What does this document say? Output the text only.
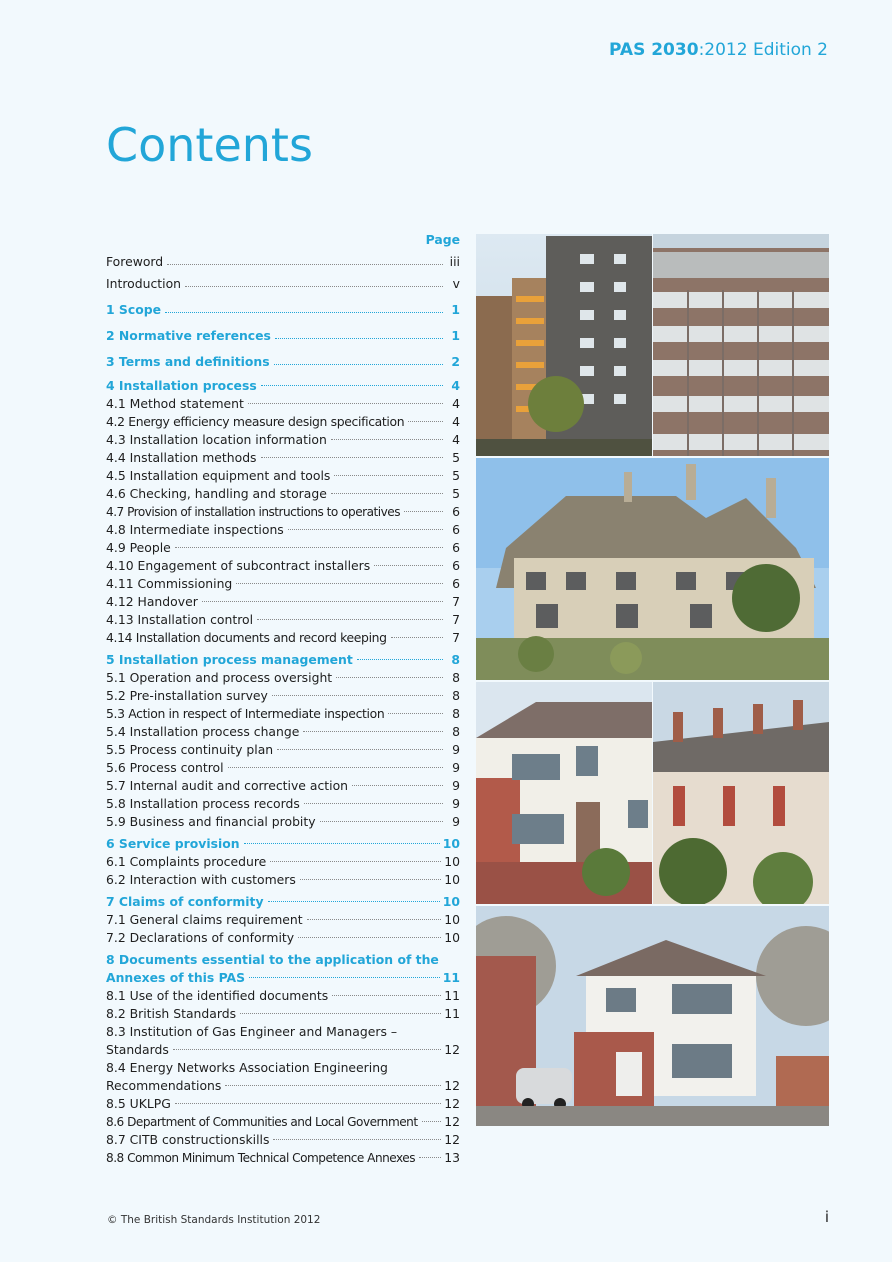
PAS 2030:2012 Edition 2
Contents
Page
Foreword	iii
Introduction	v
1 Scope	1
2 Normative references	1
3 Terms and definitions	2
4 Installation process	4
4.1 Method statement	4
4.2 Energy efficiency measure design specification	4
4.3 Installation location information	4
4.4 Installation methods	5
4.5 Installation equipment and tools	5
4.6 Checking, handling and storage	5
4.7 Provision of installation instructions to operatives	6
4.8 Intermediate inspections	6
4.9 People	6
4.10 Engagement of subcontract installers	6
4.11 Commissioning	6
4.12 Handover	7
4.13 Installation control	7
4.14 Installation documents and record keeping	7
5 Installation process management	8
5.1 Operation and process oversight	8
5.2 Pre-installation survey	8
5.3 Action in respect of Intermediate inspection	8
5.4 Installation process change	8
5.5 Process continuity plan	9
5.6 Process control	9
5.7 Internal audit and corrective action	9
5.8 Installation process records	9
5.9 Business and financial probity	9
6 Service provision	10
6.1 Complaints procedure	10
6.2 Interaction with customers	10
7 Claims of conformity	10
7.1 General claims requirement	10
7.2 Declarations of conformity	10
8 Documents essential to the application of the
Annexes of this PAS	11
8.1 Use of the identified documents	11
8.2 British Standards	11
8.3 Institution of Gas Engineer and Managers –
Standards	12
8.4 Energy Networks Association Engineering
Recommendations	12
8.5 UKLPG	12
8.6 Department of Communities and Local Government 12
8.7 CITB constructionskills	12
8.8 Common Minimum Technical Competence Annexes 13
© The British Standards Institution 2012	i
